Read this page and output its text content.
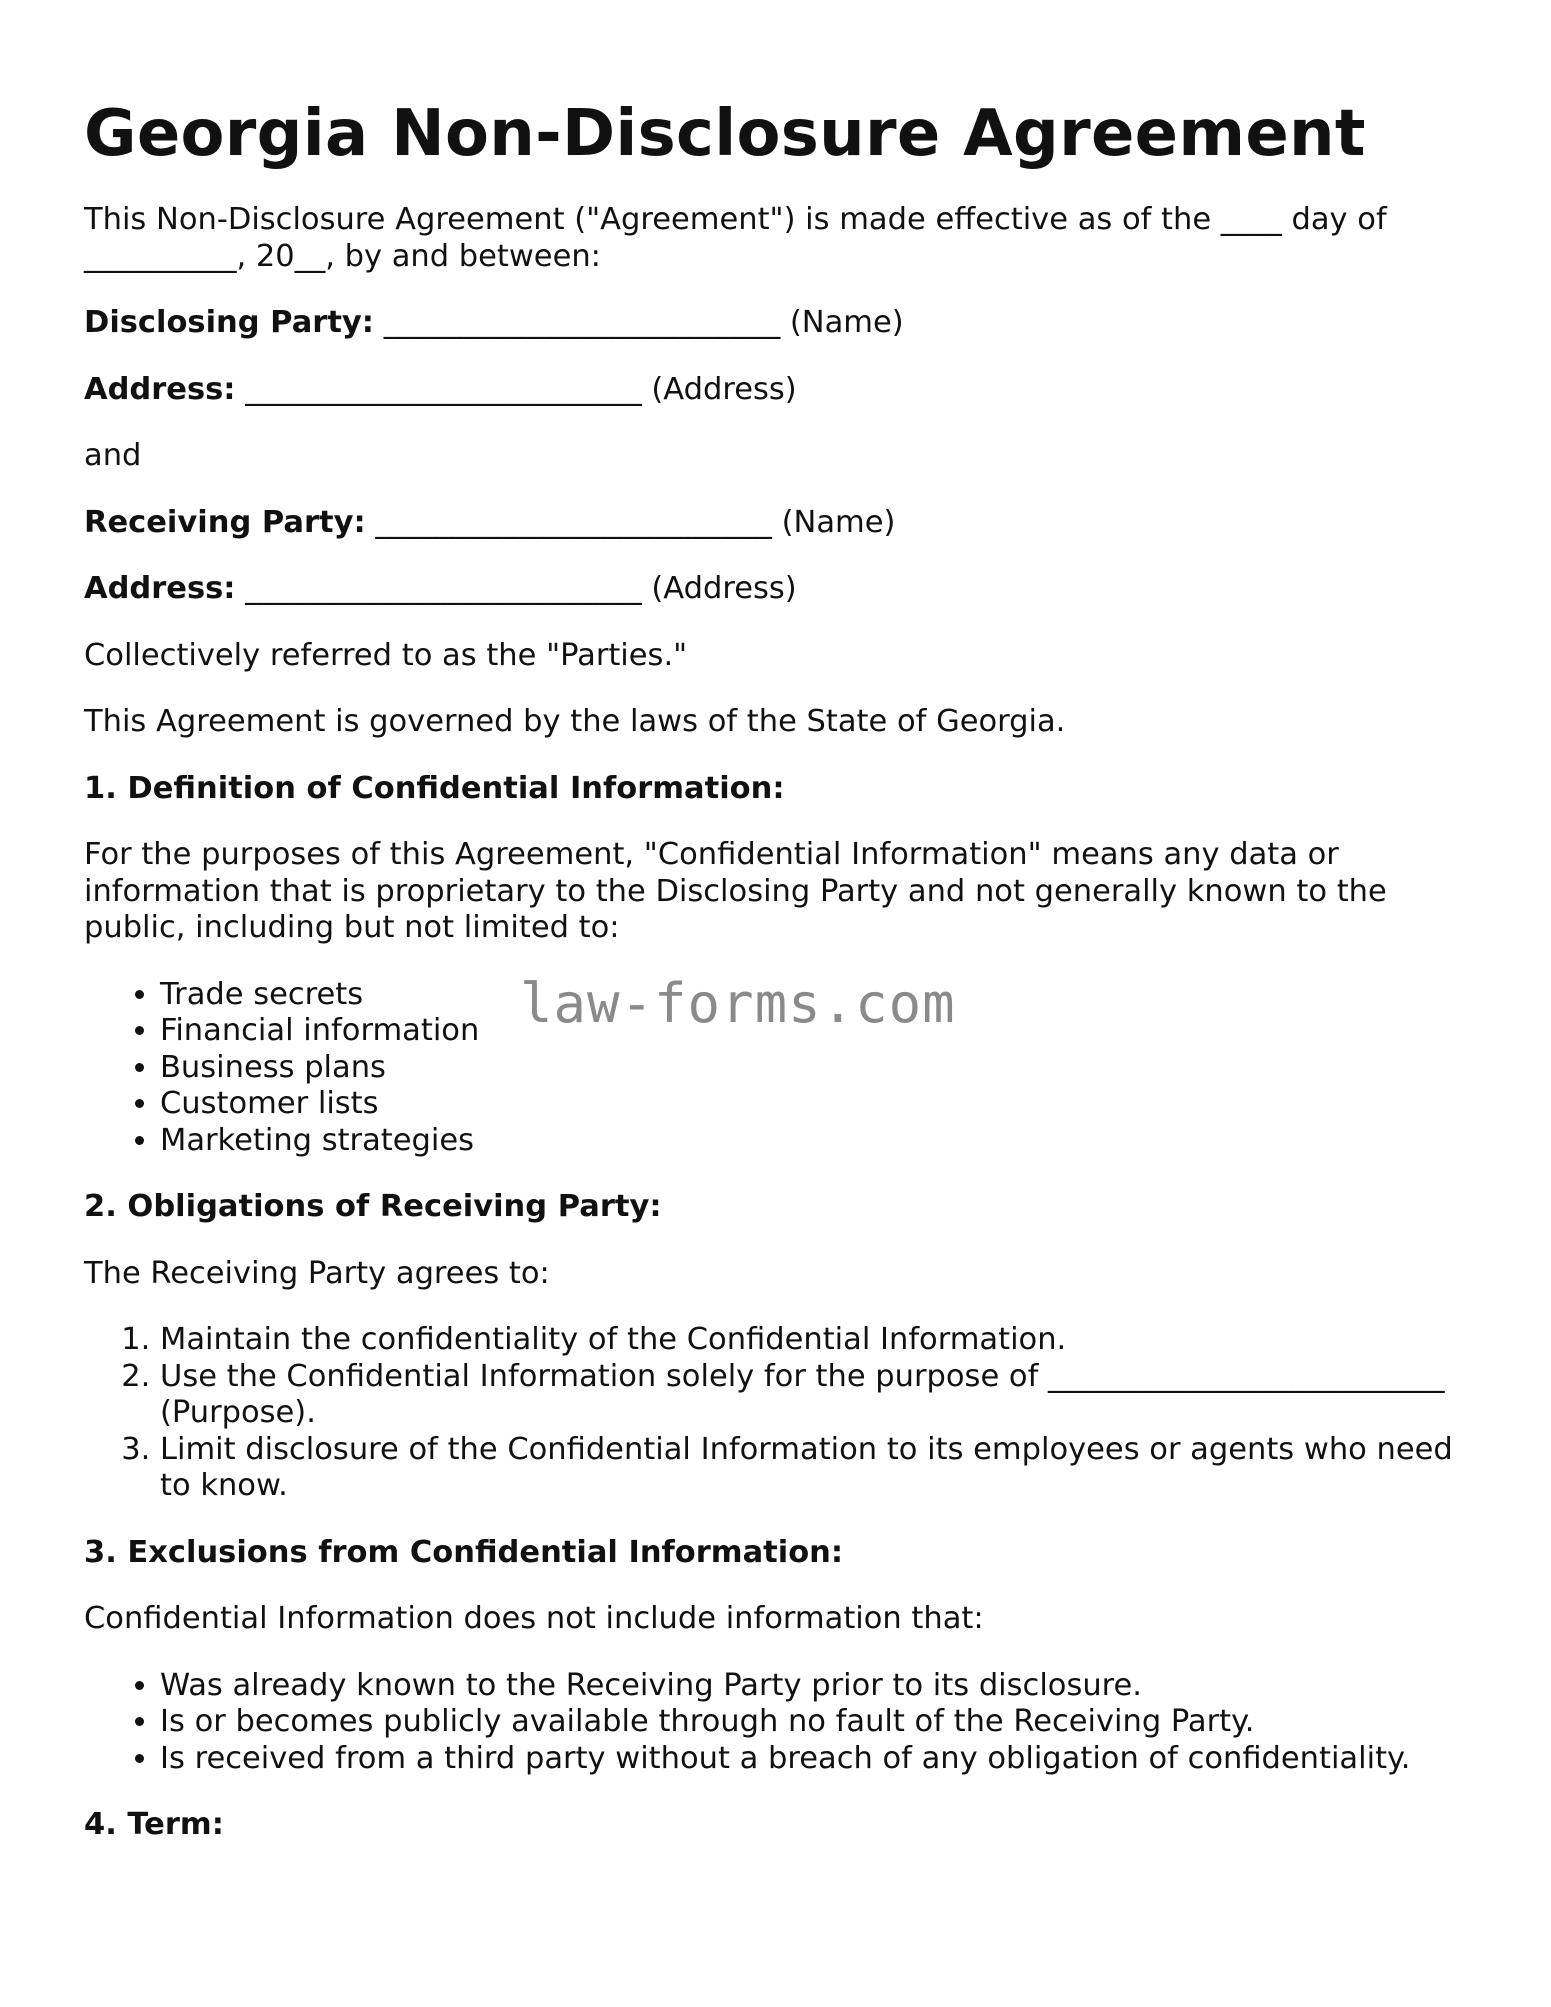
Georgia Non-Disclosure Agreement

This Non-Disclosure Agreement ("Agreement") is made effective as of the ____ day of __________, 20__, by and between:

Disclosing Party: __________________________ (Name)

Address: __________________________ (Address)

and

Receiving Party: __________________________ (Name)

Address: __________________________ (Address)

Collectively referred to as the "Parties."

This Agreement is governed by the laws of the State of Georgia.

1. Definition of Confidential Information:

For the purposes of this Agreement, "Confidential Information" means any data or information that is proprietary to the Disclosing Party and not generally known to the public, including but not limited to:

• Trade secrets
• Financial information
• Business plans
• Customer lists
• Marketing strategies
2. Obligations of Receiving Party:

The Receiving Party agrees to:

1. Maintain the confidentiality of the Confidential Information.
2. Use the Confidential Information solely for the purpose of __________________________ (Purpose).
3. Limit disclosure of the Confidential Information to its employees or agents who need to know.
3. Exclusions from Confidential Information:

Confidential Information does not include information that:

• Was already known to the Receiving Party prior to its disclosure.
• Is or becomes publicly available through no fault of the Receiving Party.
• Is received from a third party without a breach of any obligation of confidentiality.
4. Term:
law-forms.com
